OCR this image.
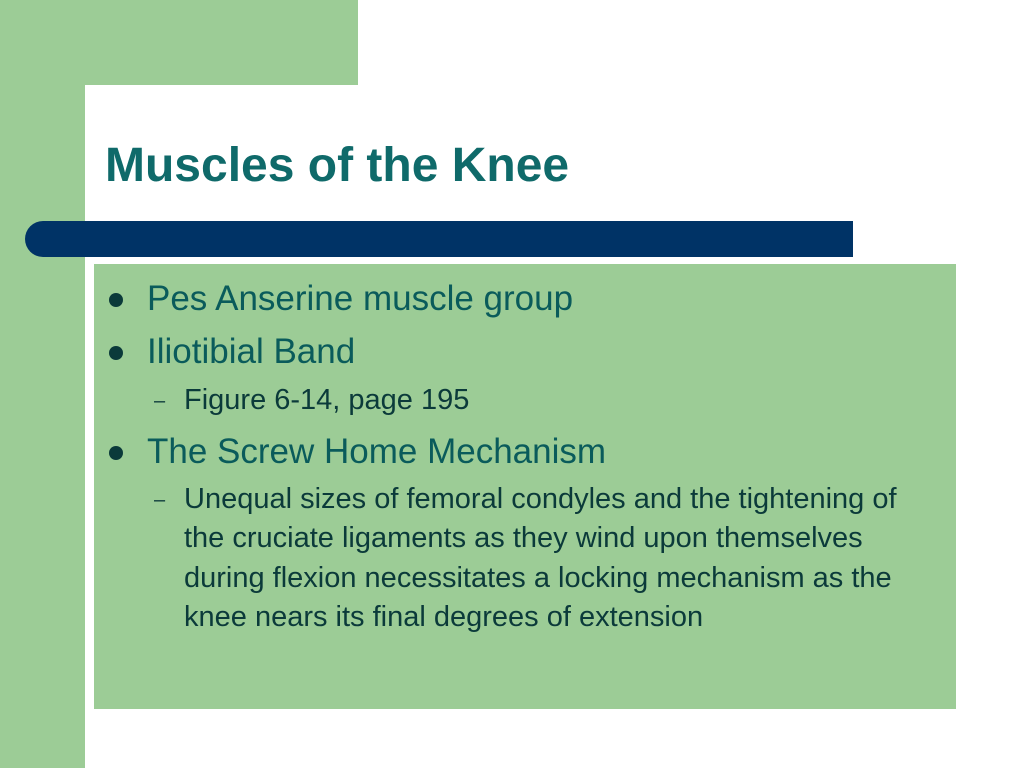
Muscles of the Knee
Pes Anserine muscle group
Iliotibial Band
– Figure 6-14, page 195
The Screw Home Mechanism
– Unequal sizes of femoral condyles and the tightening of the cruciate ligaments as they wind upon themselves during flexion necessitates a locking mechanism as the knee nears its final degrees of extension
